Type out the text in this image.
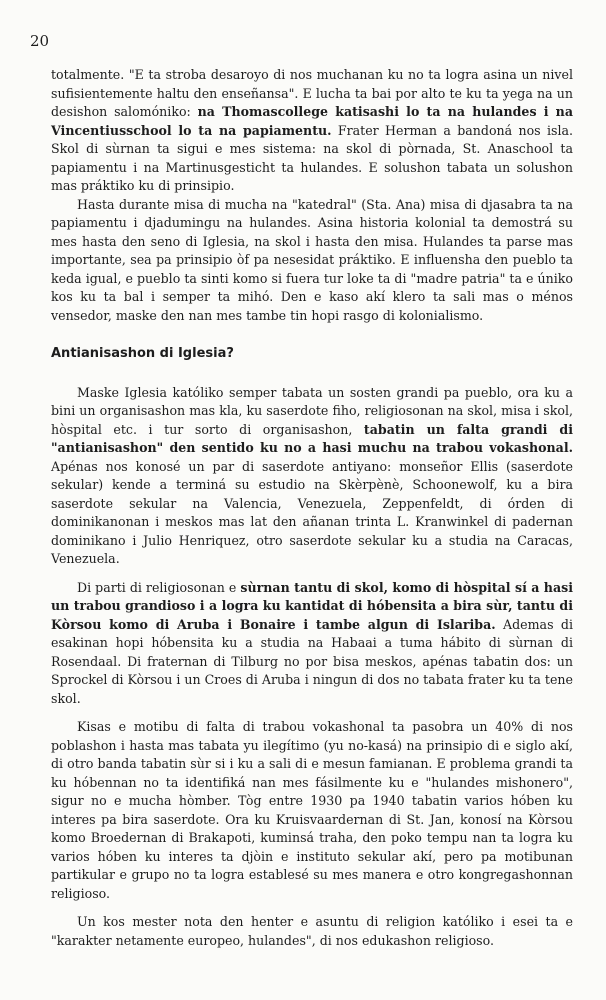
20

totalmente. "E ta stroba desaroyo di nos muchanan ku no ta logra asina un nivel sufisientemente haltu den enseñansa". E lucha ta bai por alto te ku ta yega na un desishon salomóniko: na Thomascollege katisashi lo ta na hulandes i na Vincentiusschool lo ta na papiamentu. Frater Herman a bandoná nos isla. Skol di sùrnan ta sigui e mes sistema: na skol di pòrnada, St. Anaschool ta papiamentu i na Martinusgesticht ta hulandes. E solushon tabata un solushon mas práktiko ku di prinsipio.

Hasta durante misa di mucha na "katedral" (Sta. Ana) misa di djasabra ta na papiamentu i djadumingu na hulandes. Asina historia kolonial ta demostrá su mes hasta den seno di Iglesia, na skol i hasta den misa. Hulandes ta parse mas importante, sea pa prinsipio òf pa nesesidat práktiko. E influensha den pueblo ta keda igual, e pueblo ta sinti komo si fuera tur loke ta di "madre patria" ta e úniko kos ku ta bal i semper ta mihó. Den e kaso akí klero ta sali mas o ménos vensedor, maske den nan mes tambe tin hopi rasgo di kolonialismo.

Antianisashon di Iglesia?

Maske Iglesia katóliko semper tabata un sosten grandi pa pueblo, ora ku a bini un organisashon mas kla, ku saserdote fiho, religiosonan na skol, misa i skol, hòspital etc. i tur sorto di organisashon, tabatin un falta grandi di "antianisashon" den sentido ku no a hasi muchu na trabou vokashonal. Apénas nos konosé un par di saserdote antiyano: monseñor Ellis (saserdote sekular) kende a terminá su estudio na Skèrpènè, Schoonewolf, ku a bira saserdote sekular na Valencia, Venezuela, Zeppenfeldt, di órden di dominikanonan i meskos mas lat den añanan trinta L. Kranwinkel di padernan dominikano i Julio Henriquez, otro saserdote sekular ku a studia na Caracas, Venezuela.

Di parti di religiosonan e sùrnan tantu di skol, komo di hòspital sí a hasi un trabou grandioso i a logra ku kantidat di hóbensita a bira sùr, tantu di Kòrsou komo di Aruba i Bonaire i tambe algun di Islariba. Ademas di esakinan hopi hóbensita ku a studia na Habaai a tuma hábito di sùrnan di Rosendaal. Di fraternan di Tilburg no por bisa meskos, apénas tabatin dos: un Sprockel di Kòrsou i un Croes di Aruba i ningun di dos no tabata frater ku ta tene skol.

Kisas e motibu di falta di trabou vokashonal ta pasobra un 40% di nos poblashon i hasta mas tabata yu ilegítimo (yu no-kasá) na prinsipio di e siglo akí, di otro banda tabatin sùr si i ku a sali di e mesun famianan. E problema grandi ta ku hóbennan no ta identifiká nan mes fásilmente ku e "hulandes mishonero", sigur no e mucha hòmber. Tòg entre 1930 pa 1940 tabatin varios hóben ku interes pa bira saserdote. Ora ku Kruisvaardernan di St. Jan, konosí na Kòrsou komo Broedernan di Brakapoti, kuminsá traha, den poko tempu nan ta logra ku varios hóben ku interes ta djòin e instituto sekular akí, pero pa motibunan partikular e grupo no ta logra establesé su mes manera e otro kongregashonnan religioso.

Un kos mester nota den henter e asuntu di religion katóliko i esei ta e "karakter netamente europeo, hulandes", di nos edukashon religioso.
